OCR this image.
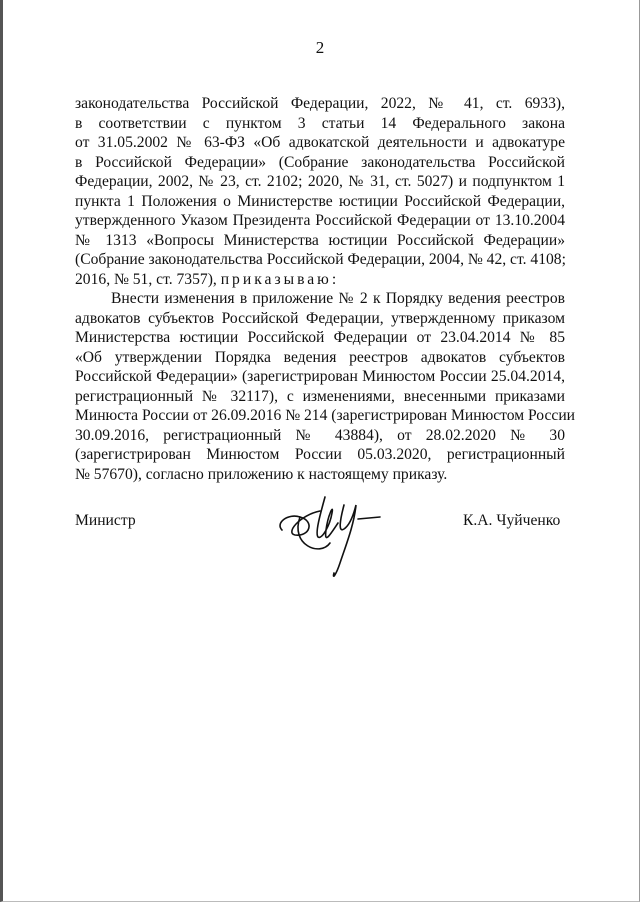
2
законодательства Российской Федерации, 2022, № 41, ст. 6933),
в соответствии с пунктом 3 статьи 14 Федерального закона
от 31.05.2002 № 63-ФЗ «Об адвокатской деятельности и адвокатуре
в Российской Федерации» (Собрание законодательства Российской
Федерации, 2002, № 23, ст. 2102; 2020, № 31, ст. 5027) и подпунктом 1
пункта 1 Положения о Министерстве юстиции Российской Федерации,
утвержденного Указом Президента Российской Федерации от 13.10.2004
№ 1313 «Вопросы Министерства юстиции Российской Федерации»
(Собрание законодательства Российской Федерации, 2004, № 42, ст. 4108;
2016, № 51, ст. 7357), приказываю:
Внести изменения в приложение № 2 к Порядку ведения реестров
адвокатов субъектов Российской Федерации, утвержденному приказом
Министерства юстиции Российской Федерации от 23.04.2014 № 85
«Об утверждении Порядка ведения реестров адвокатов субъектов
Российской Федерации» (зарегистрирован Минюстом России 25.04.2014,
регистрационный № 32117), с изменениями, внесенными приказами
Минюста России от 26.09.2016 № 214 (зарегистрирован Минюстом России
30.09.2016, регистрационный № 43884), от 28.02.2020 № 30
(зарегистрирован Минюстом России 05.03.2020, регистрационный
№ 57670), согласно приложению к настоящему приказу.
Министр	К.А. Чуйченко
